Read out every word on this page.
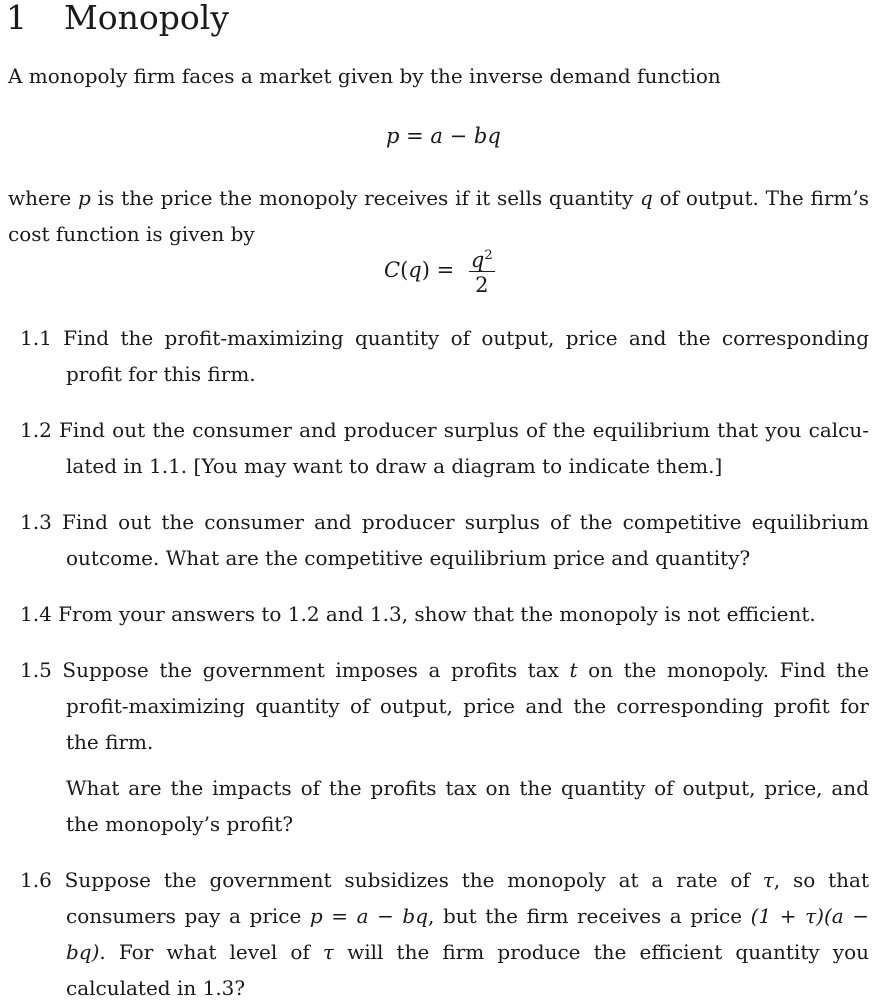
1 Monopoly

A monopoly firm faces a market given by the inverse demand function

p = a − bq

where p is the price the monopoly receives if it sells quantity q of output. The firm’s cost function is given by

$C(q) = \frac{q^2}{2}$

1.1 Find the profit-maximizing quantity of output, price and the corresponding profit for this firm.

1.2 Find out the consumer and producer surplus of the equilibrium that you calcu-lated in 1.1. [You may want to draw a diagram to indicate them.]

1.3 Find out the consumer and producer surplus of the competitive equilibrium outcome. What are the competitive equilibrium price and quantity?

1.4 From your answers to 1.2 and 1.3, show that the monopoly is not efficient.

1.5 Suppose the government imposes a profits tax t on the monopoly. Find the profit-maximizing quantity of output, price and the corresponding profit for the firm.

What are the impacts of the profits tax on the quantity of output, price, and the monopoly’s profit?

1.6 Suppose the government subsidizes the monopoly at a rate of τ, so that consumers pay a price p = a − bq, but the firm receives a price (1 + τ)(a − bq). For what level of τ will the firm produce the efficient quantity you calculated in 1.3?
